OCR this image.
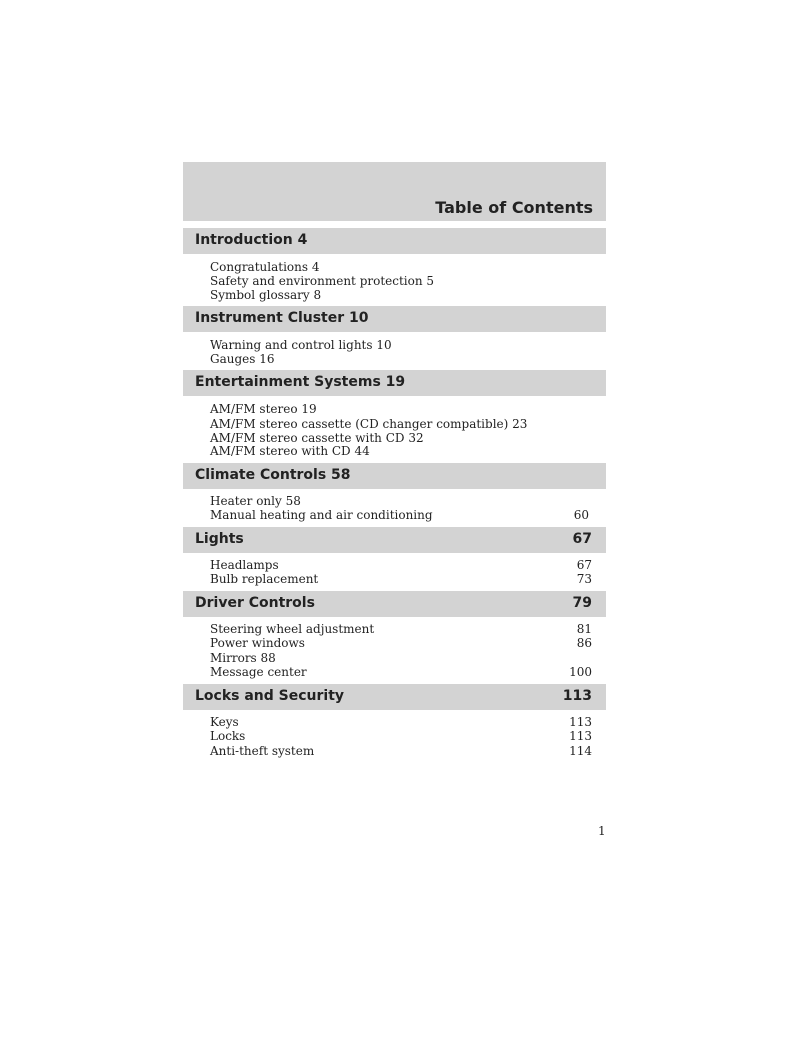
Table of Contents
Introduction 4
Congratulations 4
Safety and environment protection 5
Symbol glossary 8
Instrument Cluster 10
Warning and control lights 10
Gauges 16
Entertainment Systems 19
AM/FM stereo 19
AM/FM stereo cassette (CD changer compatible) 23
AM/FM stereo cassette with CD 32
AM/FM stereo with CD 44
Climate Controls 58
Heater only 58
Manual heating and air conditioning	60
Lights	67
Headlamps	67
Bulb replacement	73
Driver Controls	79
Steering wheel adjustment	81
Power windows	86
Mirrors 88
Message center	100
Locks and Security	113
Keys	113
Locks	113
Anti-theft system	114
1
